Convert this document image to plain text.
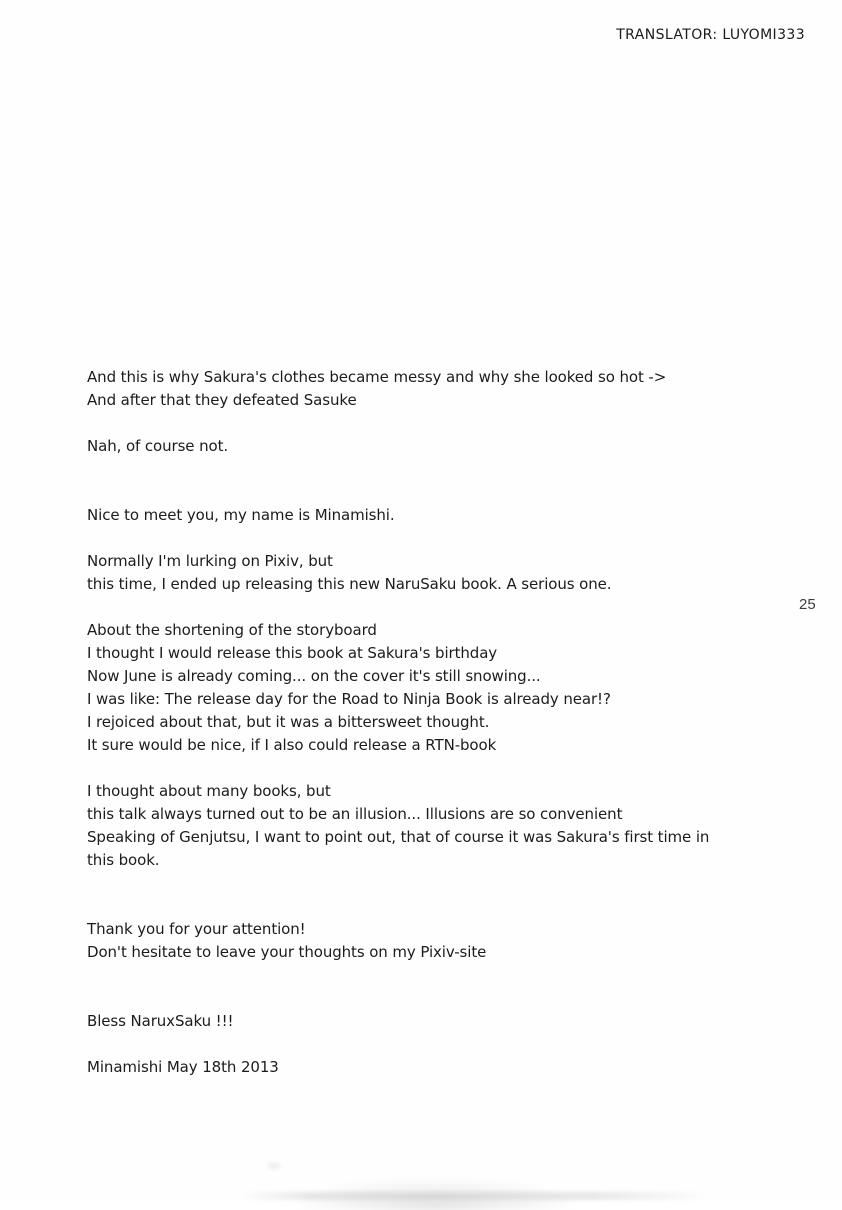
TRANSLATOR: LUYOMI333
And this is why Sakura's clothes became messy and why she looked so hot ->
And after that they defeated Sasuke

Nah, of course not.

Nice to meet you, my name is Minamishi.

Normally I'm lurking on Pixiv, but
this time, I ended up releasing this new NaruSaku book. A serious one.

About the shortening of the storyboard
I thought I would release this book at Sakura's birthday
Now June is already coming... on the cover it's still snowing...
I was like: The release day for the Road to Ninja Book is already near!?
I rejoiced about that, but it was a bittersweet thought.
It sure would be nice, if I also could release a RTN-book

I thought about many books, but
this talk always turned out to be an illusion... Illusions are so convenient
Speaking of Genjutsu, I want to point out, that of course it was Sakura's first time in
this book.

Thank you for your attention!
Don't hesitate to leave your thoughts on my Pixiv-site

Bless NaruxSaku !!!

Minamishi May 18th 2013
25
